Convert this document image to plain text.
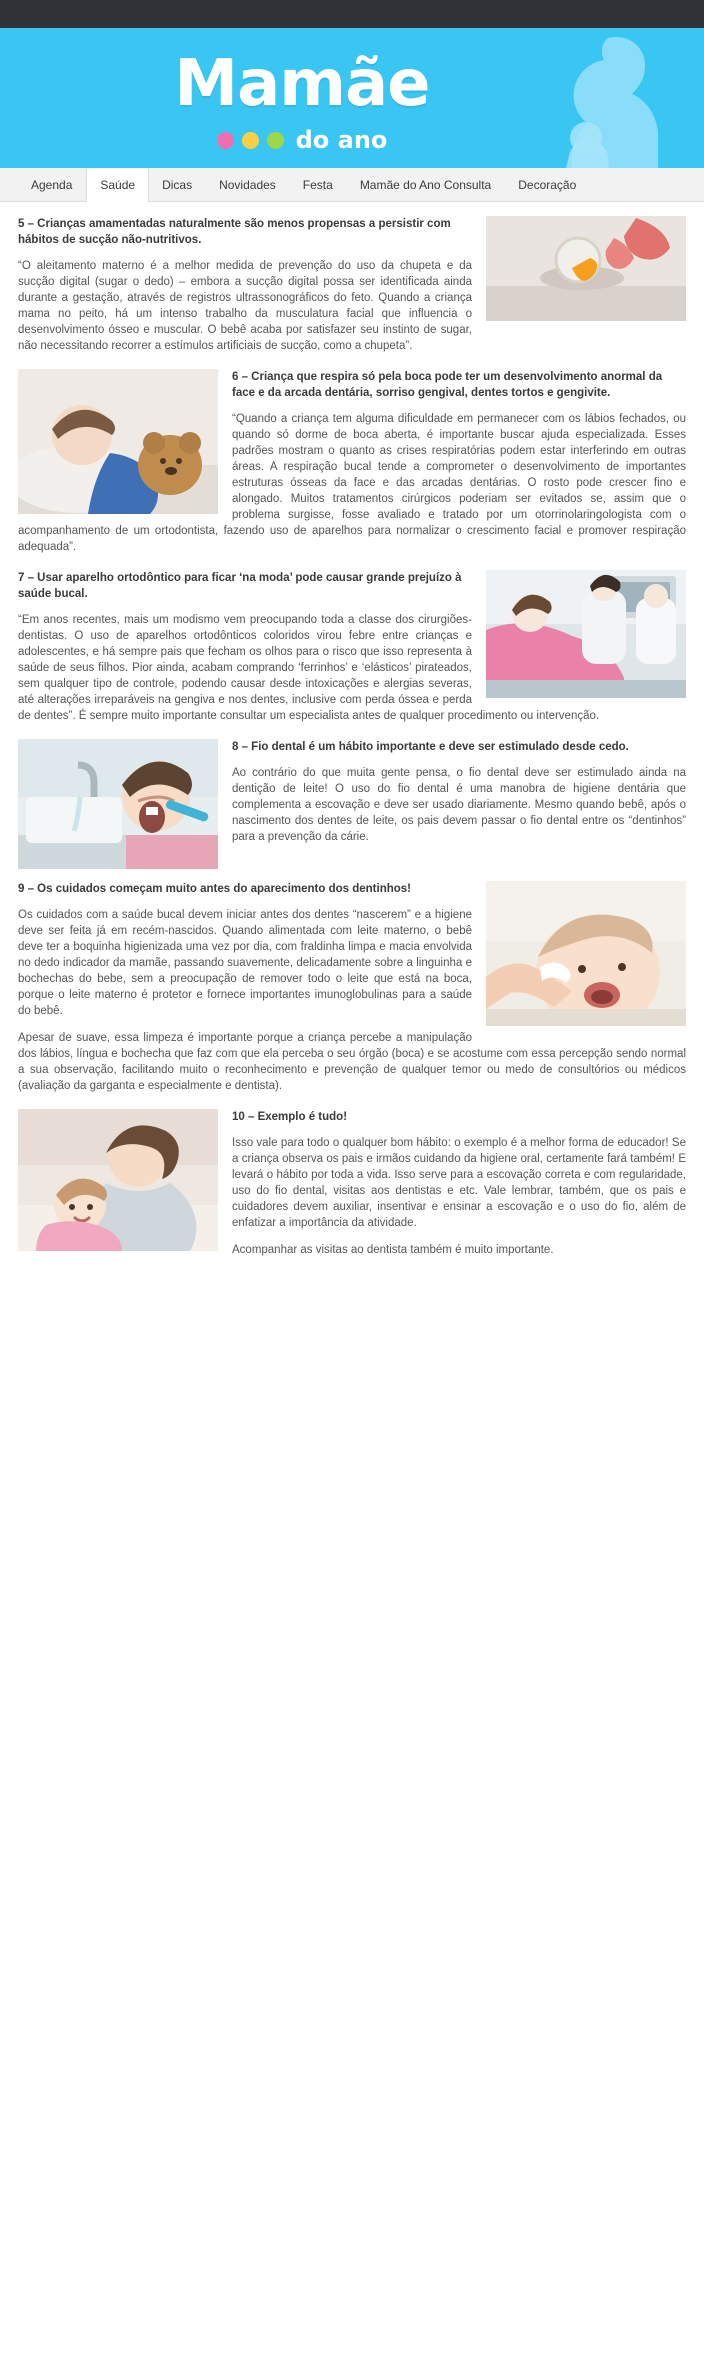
Mamãe
do ano
Agenda	Saúde	Dicas	Novidades	Festa	Mamãe do Ano Consulta	Decoração
5 – Crianças amamentadas naturalmente são menos propensas a persistir com hábitos de sucção não-nutritivos.

“O aleitamento materno é a melhor medida de prevenção do uso da chupeta e da sucção digital (sugar o dedo) – embora a sucção digital possa ser identificada ainda durante a gestação, através de registros ultrassonográficos do feto. Quando a criança mama no peito, há um intenso trabalho da musculatura facial que influencia o desenvolvimento ósseo e muscular. O bebê acaba por satisfazer seu instinto de sugar, não necessitando recorrer a estímulos artificiais de sucção, como a chupeta”.

6 – Criança que respira só pela boca pode ter um desenvolvimento anormal da face e da arcada dentária, sorriso gengival, dentes tortos e gengivite.

“Quando a criança tem alguma dificuldade em permanecer com os lábios fechados, ou quando só dorme de boca aberta, é importante buscar ajuda especializada. Esses padrões mostram o quanto as crises respiratórias podem estar interferindo em outras áreas. A respiração bucal tende a comprometer o desenvolvimento de importantes estruturas ósseas da face e das arcadas dentárias. O rosto pode crescer fino e alongado. Muitos tratamentos cirúrgicos poderiam ser evitados se, assim que o problema surgisse, fosse avaliado e tratado por um otorrinolaringologista com o acompanhamento de um ortodontista, fazendo uso de aparelhos para normalizar o crescimento facial e promover respiração adequada”.

7 – Usar aparelho ortodôntico para ficar ‘na moda’ pode causar grande prejuízo à saúde bucal.

“Em anos recentes, mais um modismo vem preocupando toda a classe dos cirurgiões-dentistas. O uso de aparelhos ortodônticos coloridos virou febre entre crianças e adolescentes, e há sempre pais que fecham os olhos para o risco que isso representa à saúde de seus filhos. Pior ainda, acabam comprando ‘ferrinhos’ e ‘elásticos’ pirateados, sem qualquer tipo de controle, podendo causar desde intoxicações e alergias severas, até alterações irreparáveis na gengiva e nos dentes, inclusive com perda óssea e perda de dentes”. É sempre muito importante consultar um especialista antes de qualquer procedimento ou intervenção.

8 – Fio dental é um hábito importante e deve ser estimulado desde cedo.

Ao contrário do que muita gente pensa, o fio dental deve ser estimulado ainda na dentição de leite! O uso do fio dental é uma manobra de higiene dentária que complementa a escovação e deve ser usado diariamente. Mesmo quando bebê, após o nascimento dos dentes de leite, os pais devem passar o fio dental entre os “dentinhos” para a prevenção da cárie.

9 – Os cuidados começam muito antes do aparecimento dos dentinhos!

Os cuidados com a saúde bucal devem iniciar antes dos dentes “nascerem” e a higiene deve ser feita já em recém-nascidos. Quando alimentada com leite materno, o bebê deve ter a boquinha higienizada uma vez por dia, com fraldinha limpa e macia envolvida no dedo indicador da mamãe, passando suavemente, delicadamente sobre a linguinha e bochechas do bebe, sem a preocupação de remover todo o leite que está na boca, porque o leite materno é protetor e fornece importantes imunoglobulinas para a saúde do bebê.

Apesar de suave, essa limpeza é importante porque a criança percebe a manipulação dos lábios, língua e bochecha que faz com que ela perceba o seu órgão (boca) e se acostume com essa percepção sendo normal a sua observação, facilitando muito o reconhecimento e prevenção de qualquer temor ou medo de consultórios ou médicos (avaliação da garganta e especialmente e dentista).

10 – Exemplo é tudo!

Isso vale para todo o qualquer bom hábito: o exemplo é a melhor forma de educador! Se a criança observa os pais e irmãos cuidando da higiene oral, certamente fará também! E levará o hábito por toda a vida. Isso serve para a escovação correta e com regularidade, uso do fio dental, visitas aos dentistas e etc. Vale lembrar, também, que os pais e cuidadores devem auxiliar, insentivar e ensinar a escovação e o uso do fio, além de enfatizar a importância da atividade.

Acompanhar as visitas ao dentista também é muito importante.
